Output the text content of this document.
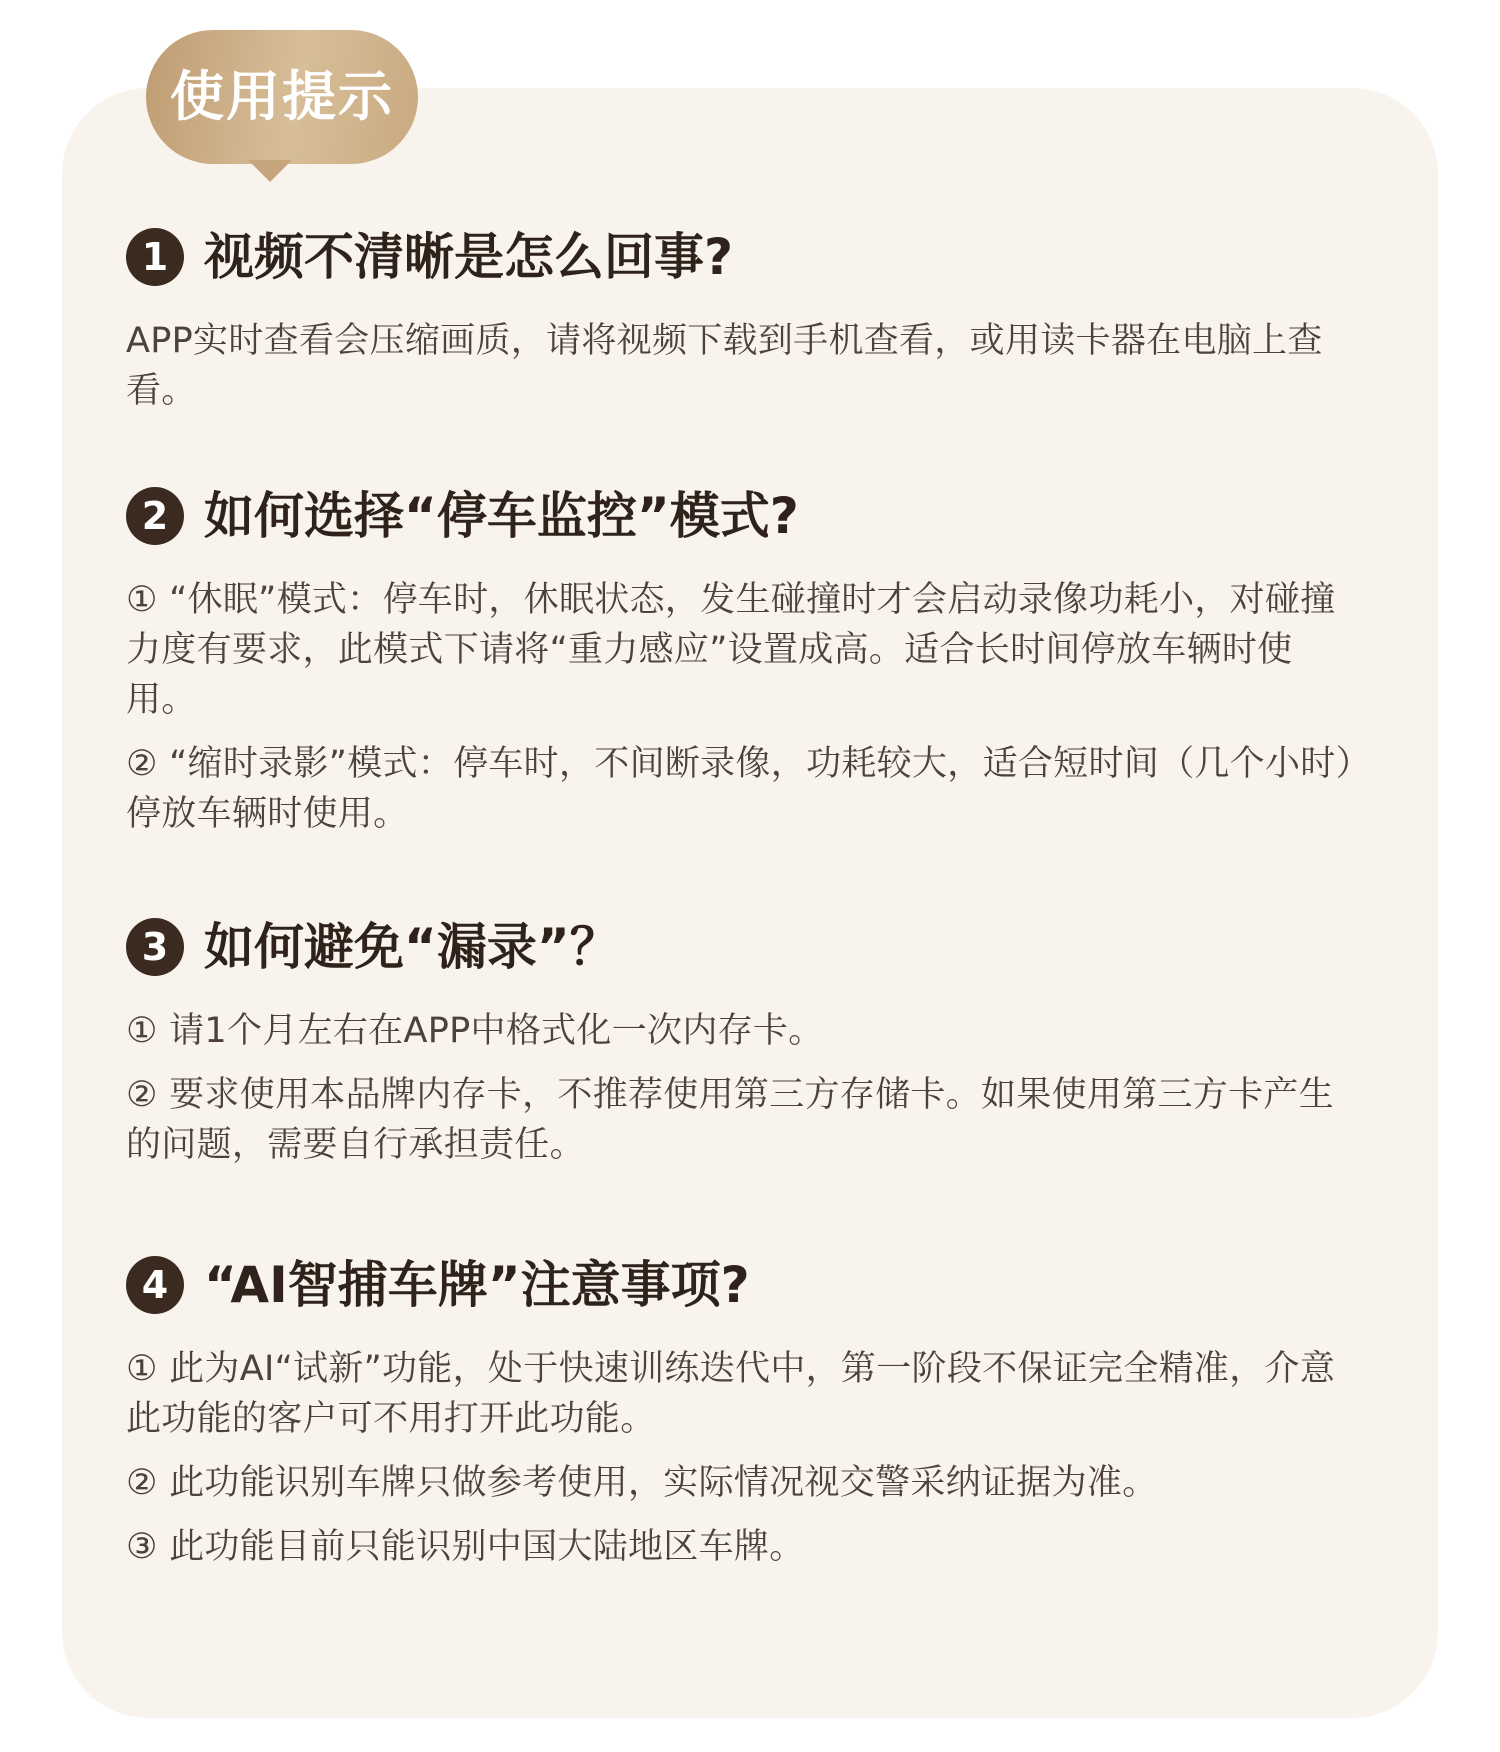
使用提示
1 视频不清晰是怎么回事?

APP实时查看会压缩画质，请将视频下载到手机查看，或用读卡器在电脑上查看。

2 如何选择“停车监控”模式?

① “休眠”模式：停车时，休眠状态，发生碰撞时才会启动录像功耗小，对碰撞力度有要求，此模式下请将“重力感应”设置成高。适合长时间停放车辆时使用。

② “缩时录影”模式：停车时，不间断录像，功耗较大，适合短时间（几个小时）停放车辆时使用。

3 如何避免“漏录”？

① 请1个月左右在APP中格式化一次内存卡。

② 要求使用本品牌内存卡，不推荐使用第三方存储卡。如果使用第三方卡产生的问题，需要自行承担责任。

4 “AI智捕车牌”注意事项?

① 此为AI“试新”功能，处于快速训练迭代中，第一阶段不保证完全精准，介意此功能的客户可不用打开此功能。

② 此功能识别车牌只做参考使用，实际情况视交警采纳证据为准。

③ 此功能目前只能识别中国大陆地区车牌。
